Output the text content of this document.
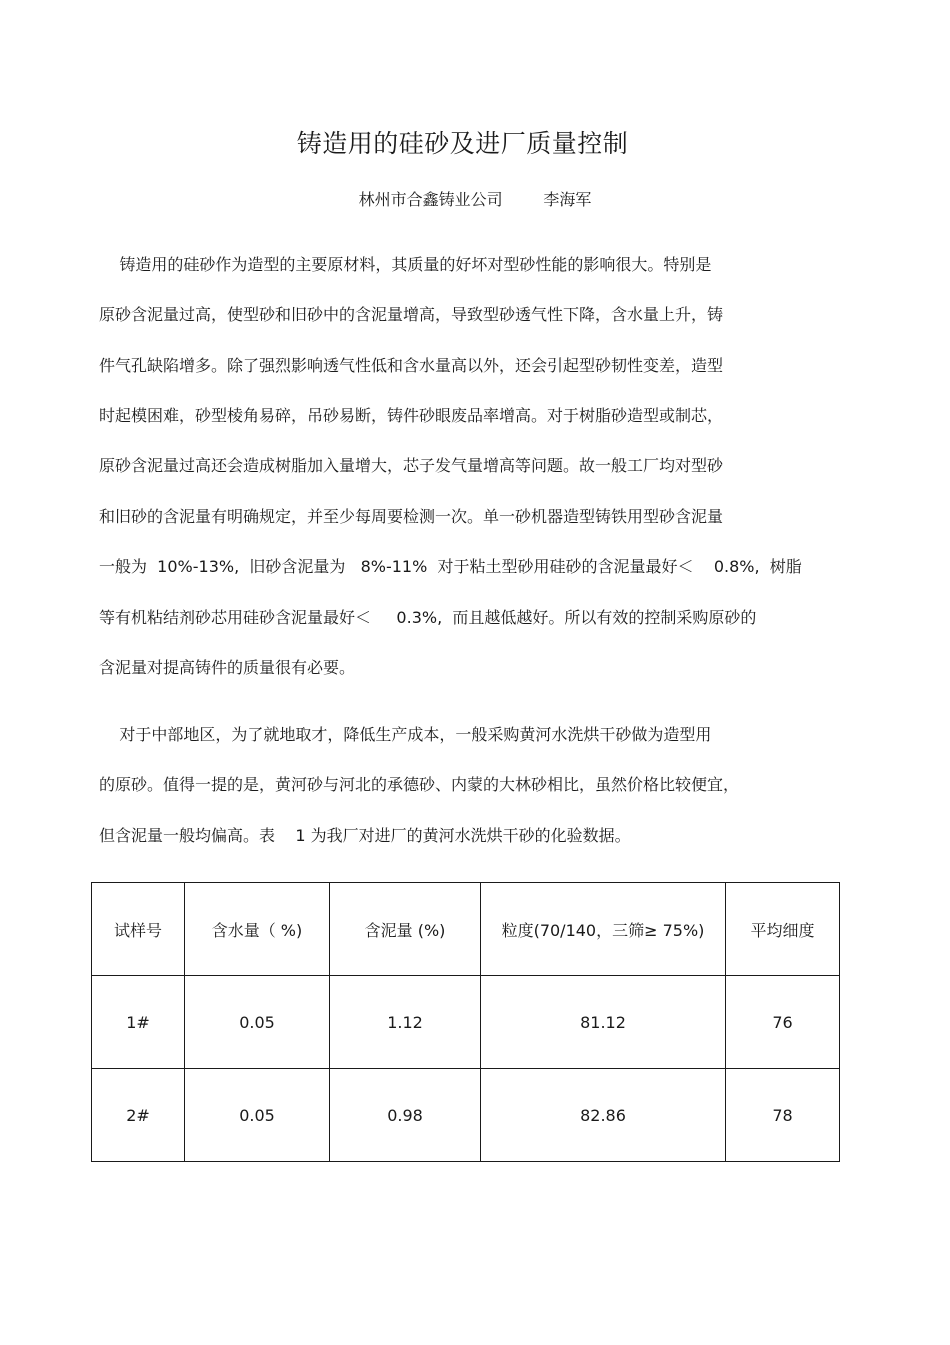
铸造用的硅砂及进厂质量控制
林州市合鑫铸业公司        李海军
铸造用的硅砂作为造型的主要原材料，其质量的好坏对型砂性能的影响很大。特别是
原砂含泥量过高，使型砂和旧砂中的含泥量增高，导致型砂透气性下降，含水量上升，铸
件气孔缺陷增多。除了强烈影响透气性低和含水量高以外，还会引起型砂韧性变差，造型
时起模困难，砂型棱角易碎，吊砂易断，铸件砂眼废品率增高。对于树脂砂造型或制芯，
原砂含泥量过高还会造成树脂加入量增大，芯子发气量增高等问题。故一般工厂均对型砂
和旧砂的含泥量有明确规定，并至少每周要检测一次。单一砂机器造型铸铁用型砂含泥量
一般为  10%-13%,  旧砂含泥量为   8%-11%  对于粘土型砂用硅砂的含泥量最好＜    0.8%,  树脂
等有机粘结剂砂芯用硅砂含泥量最好＜     0.3%,  而且越低越好。所以有效的控制采购原砂的
含泥量对提高铸件的质量很有必要。
对于中部地区，为了就地取才，降低生产成本，一般采购黄河水洗烘干砂做为造型用
的原砂。值得一提的是，黄河砂与河北的承德砂、内蒙的大林砂相比，虽然价格比较便宜，
但含泥量一般均偏高。表    1 为我厂对进厂的黄河水洗烘干砂的化验数据。
试样号	含水量（ %)	含泥量 (%)	粒度(70/140，三筛≥ 75%)	平均细度
1#	0.05	1.12	81.12	76
2#	0.05	0.98	82.86	78
